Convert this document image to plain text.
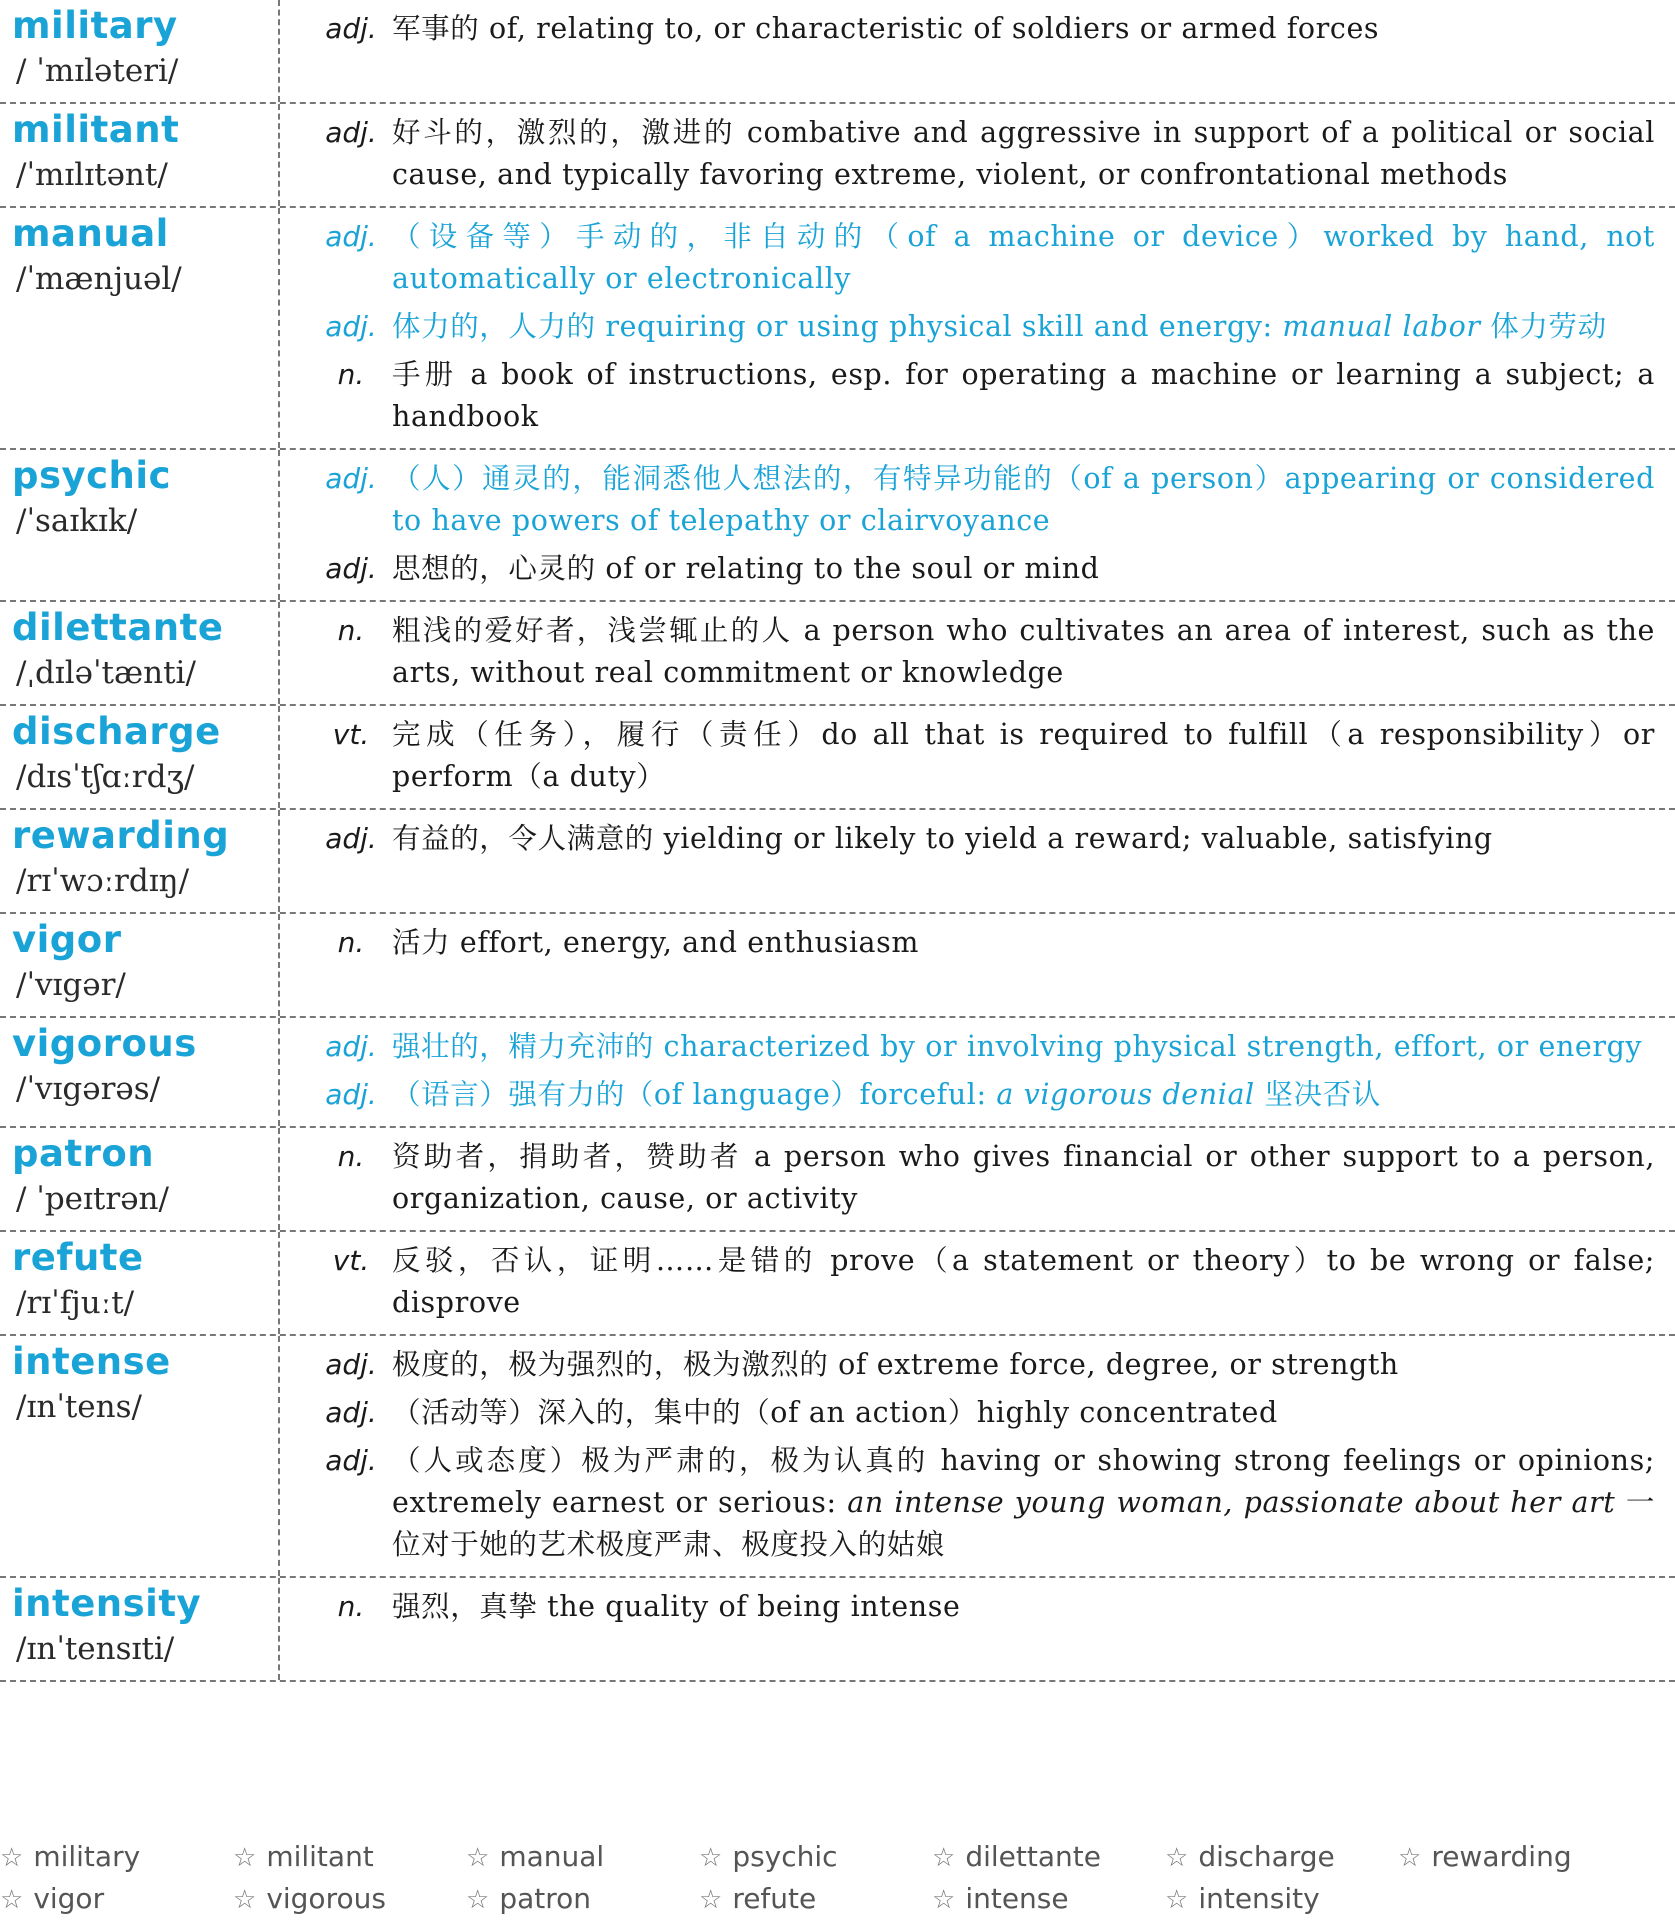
military
/ ˈmɪləteri/
adj. 军事的 of, relating to, or characteristic of soldiers or armed forces
militant
/ˈmɪlɪtənt/
adj. 好斗的，激烈的，激进的 combative and aggressive in support of a political or social cause, and typically favoring extreme, violent, or confrontational methods
manual
/ˈmænjuəl/
adj. （设备等）手动的，非自动的（of a machine or device）worked by hand, not automatically or electronically
adj. 体力的，人力的 requiring or using physical skill and energy: manual labor 体力劳动
n. 手册 a book of instructions, esp. for operating a machine or learning a subject; a handbook
psychic
/ˈsaɪkɪk/
adj. （人）通灵的，能洞悉他人想法的，有特异功能的（of a person）appearing or considered to have powers of telepathy or clairvoyance
adj. 思想的，心灵的 of or relating to the soul or mind
dilettante
/ˌdɪləˈtænti/
n. 粗浅的爱好者，浅尝辄止的人 a person who cultivates an area of interest, such as the arts, without real commitment or knowledge
discharge
/dɪsˈtʃɑːrdʒ/
vt. 完成（任务），履行（责任）do all that is required to fulfill（a responsibility）or perform（a duty）
rewarding
/rɪˈwɔːrdɪŋ/
adj. 有益的，令人满意的 yielding or likely to yield a reward; valuable, satisfying
vigor
/ˈvɪgər/
n. 活力 effort, energy, and enthusiasm
vigorous
/ˈvɪgərəs/
adj. 强壮的，精力充沛的 characterized by or involving physical strength, effort, or energy
adj. （语言）强有力的（of language）forceful: a vigorous denial 坚决否认
patron
/ ˈpeɪtrən/
n. 资助者，捐助者，赞助者 a person who gives financial or other support to a person, organization, cause, or activity
refute
/rɪˈfjuːt/
vt. 反驳，否认，证明……是错的 prove（a statement or theory）to be wrong or false; disprove
intense
/ɪnˈtens/
adj. 极度的，极为强烈的，极为激烈的 of extreme force, degree, or strength
adj. （活动等）深入的，集中的（of an action）highly concentrated
adj. （人或态度）极为严肃的，极为认真的 having or showing strong feelings or opinions; extremely earnest or serious: an intense young woman, passionate about her art 一位对于她的艺术极度严肃、极度投入的姑娘
intensity
/ɪnˈtensɪti/
n. 强烈，真挚 the quality of being intense
☆ military	☆ militant	☆ manual	☆ psychic	☆ dilettante	☆ discharge	☆ rewarding
☆ vigor	☆ vigorous	☆ patron	☆ refute	☆ intense	☆ intensity
